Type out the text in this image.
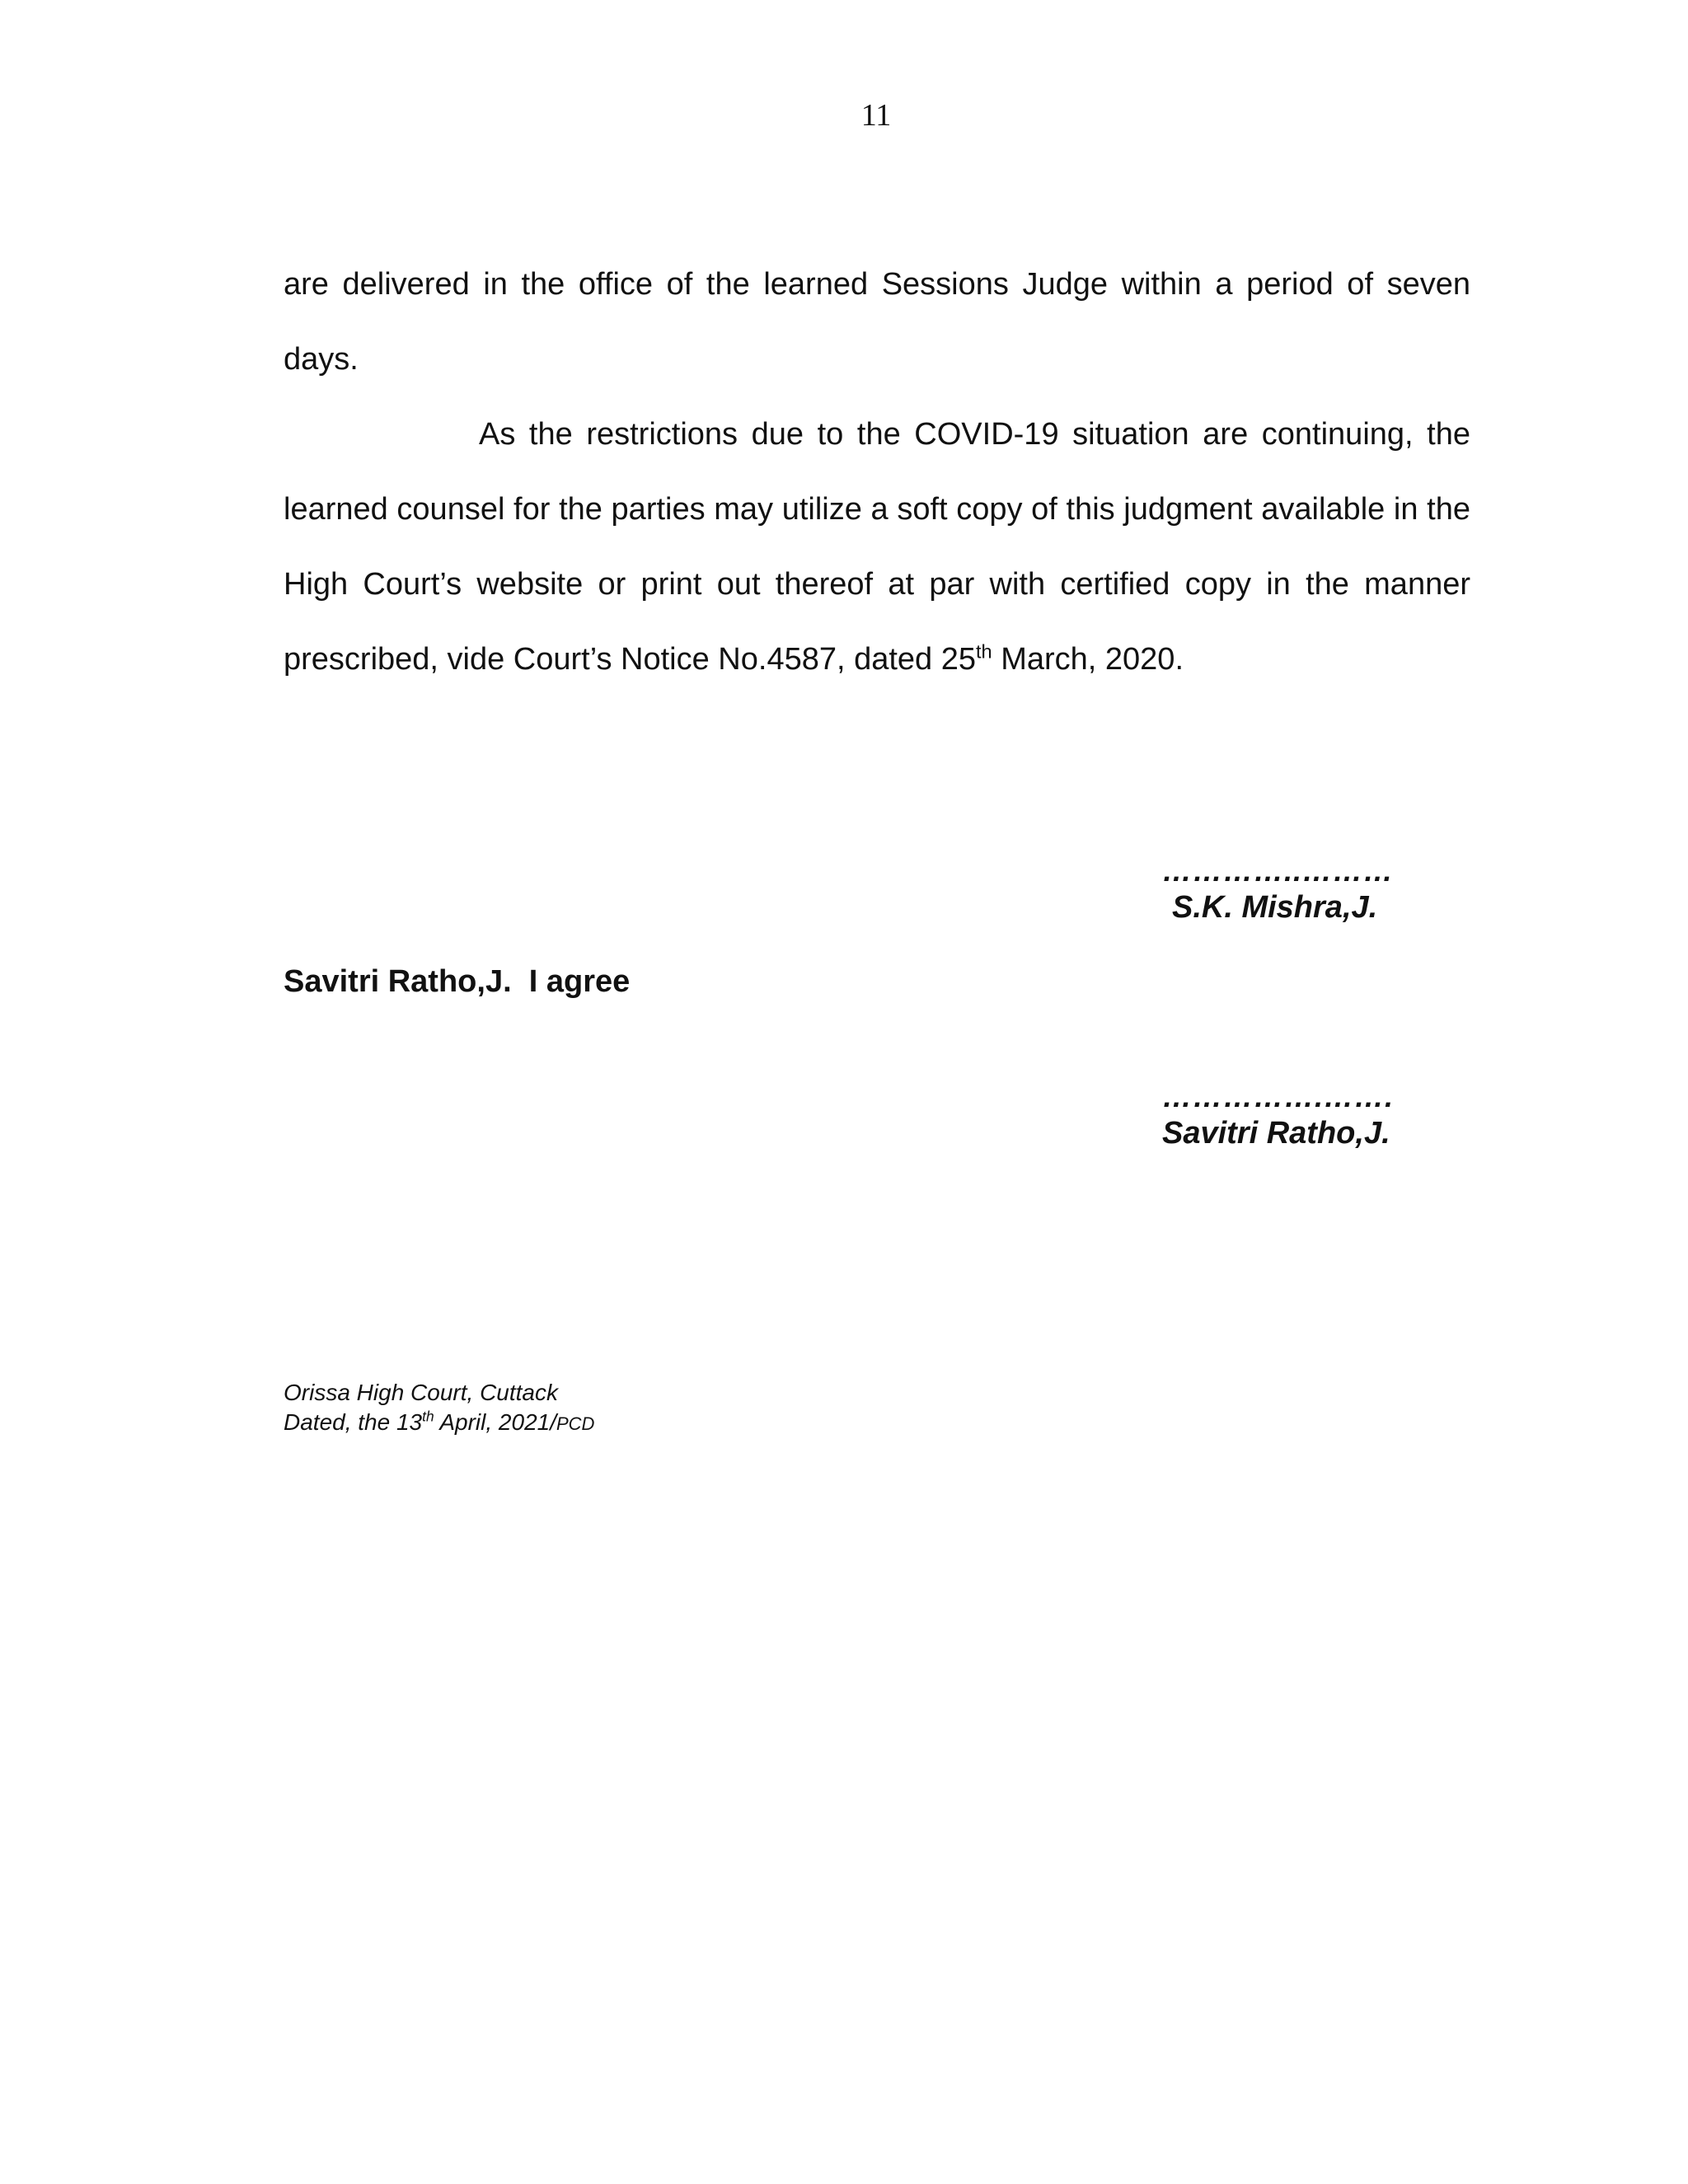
11

are delivered in the office of the learned Sessions Judge within a period of seven days.

As the restrictions due to the COVID-19 situation are continuing, the learned counsel for the parties may utilize a soft copy of this judgment available in the High Court’s website or print out thereof at par with certified copy in the manner prescribed, vide Court’s Notice No.4587, dated 25th March, 2020.

…………..………
S.K. Mishra,J.
Savitri Ratho,J.  I agree
…………….…….
Savitri Ratho,J.
Orissa High Court, Cuttack
Dated, the 13th April, 2021/PCD
